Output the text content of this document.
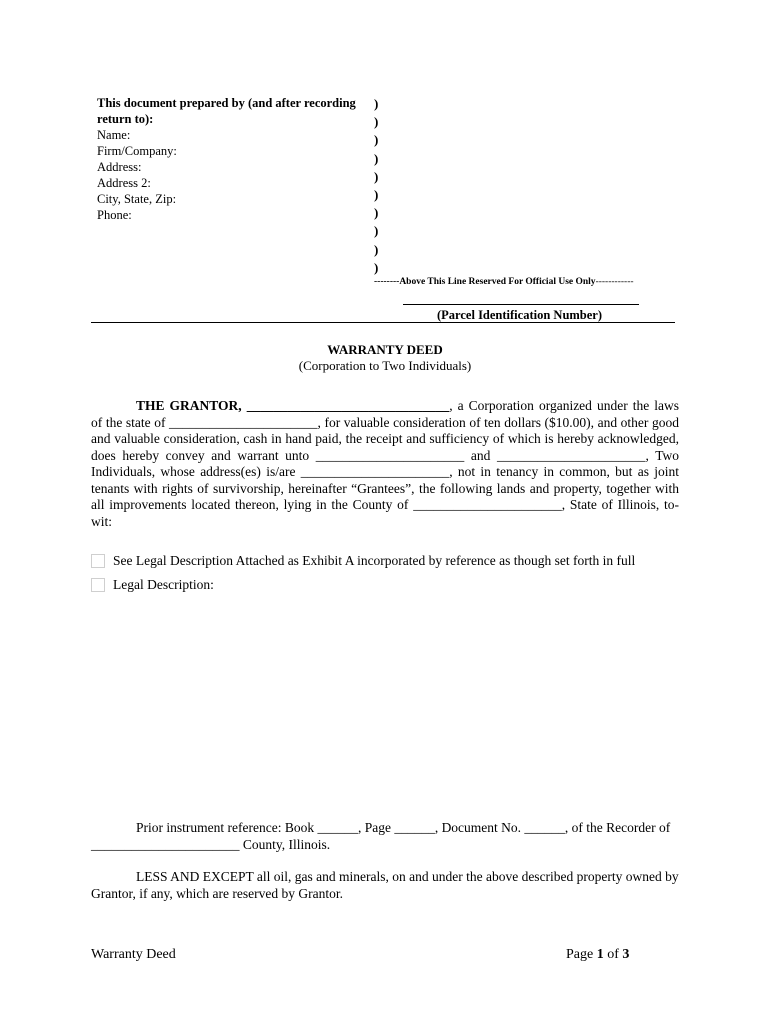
This document prepared by (and after recording
return to):
Name:
Firm/Company:
Address:
Address 2:
City, State, Zip:
Phone:
)
)
)
)
)
)
)
)
)
)
--------Above This Line Reserved For Official Use Only------------
(Parcel Identification Number)
WARRANTY DEED
(Corporation to Two Individuals)
THE GRANTOR, ______________________________, a Corporation organized under the laws of the state of ______________________, for valuable consideration of ten dollars ($10.00), and other good and valuable consideration, cash in hand paid, the receipt and sufficiency of which is hereby acknowledged, does hereby convey and warrant unto ______________________ and ______________________, Two Individuals, whose address(es) is/are ______________________, not in tenancy in common, but as joint tenants with rights of survivorship, hereinafter “Grantees”, the following lands and property, together with all improvements located thereon, lying in the County of ______________________, State of Illinois, to-wit:
See Legal Description Attached as Exhibit A incorporated by reference as though set forth in full
Legal Description:
Prior instrument reference: Book ______, Page ______, Document No. ______, of the Recorder of
______________________ County, Illinois.
LESS AND EXCEPT all oil, gas and minerals, on and under the above described property owned by Grantor, if any, which are reserved by Grantor.
Warranty Deed	Page 1 of 3
